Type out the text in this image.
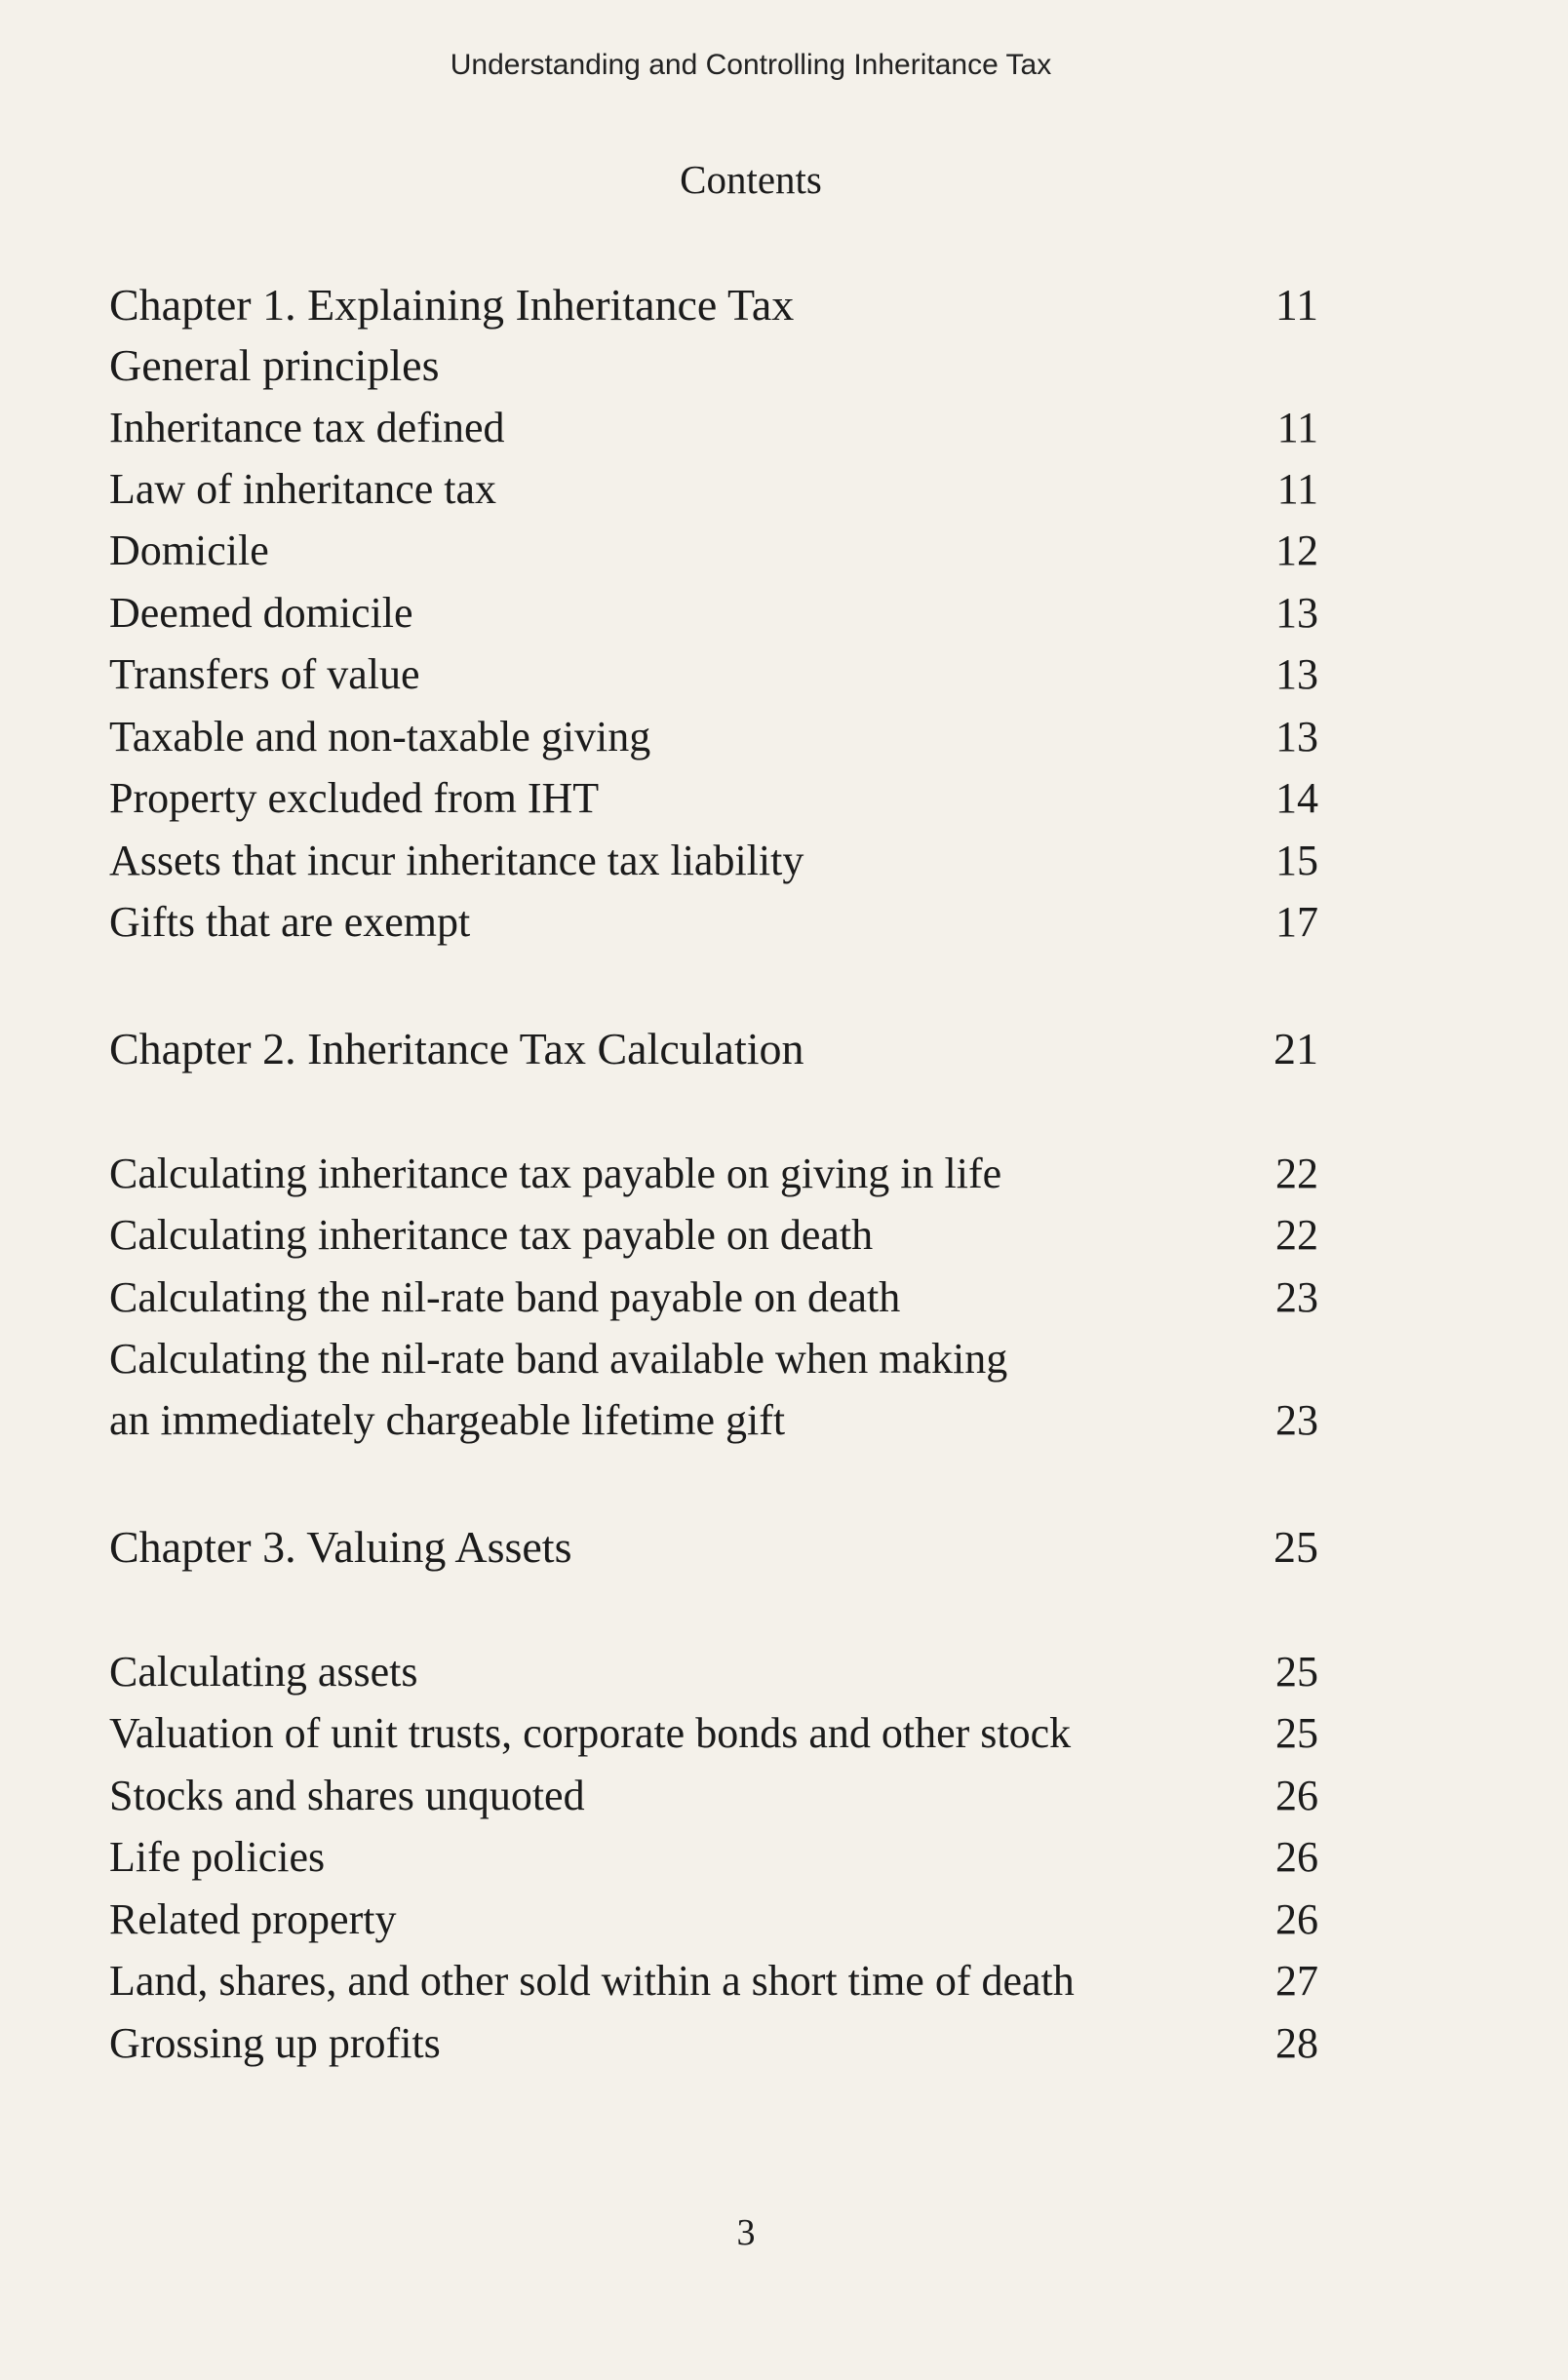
Understanding and Controlling Inheritance Tax
Contents
Chapter 1. Explaining Inheritance Tax	11
General principles
Inheritance tax defined	11
Law of inheritance tax	11
Domicile	12
Deemed domicile	13
Transfers of value	13
Taxable and non-taxable giving	13
Property excluded from IHT	14
Assets that incur inheritance tax liability	15
Gifts that are exempt	17
Chapter 2. Inheritance Tax Calculation	21
Calculating inheritance tax payable on giving in life	22
Calculating inheritance tax payable on death	22
Calculating the nil-rate band payable on death	23
Calculating the nil-rate band available when making
an immediately chargeable lifetime gift	23
Chapter 3. Valuing Assets	25
Calculating assets	25
Valuation of unit trusts, corporate bonds and other stock	25
Stocks and shares unquoted	26
Life policies	26
Related property	26
Land, shares, and other sold within a short time of death	27
Grossing up profits	28
3
